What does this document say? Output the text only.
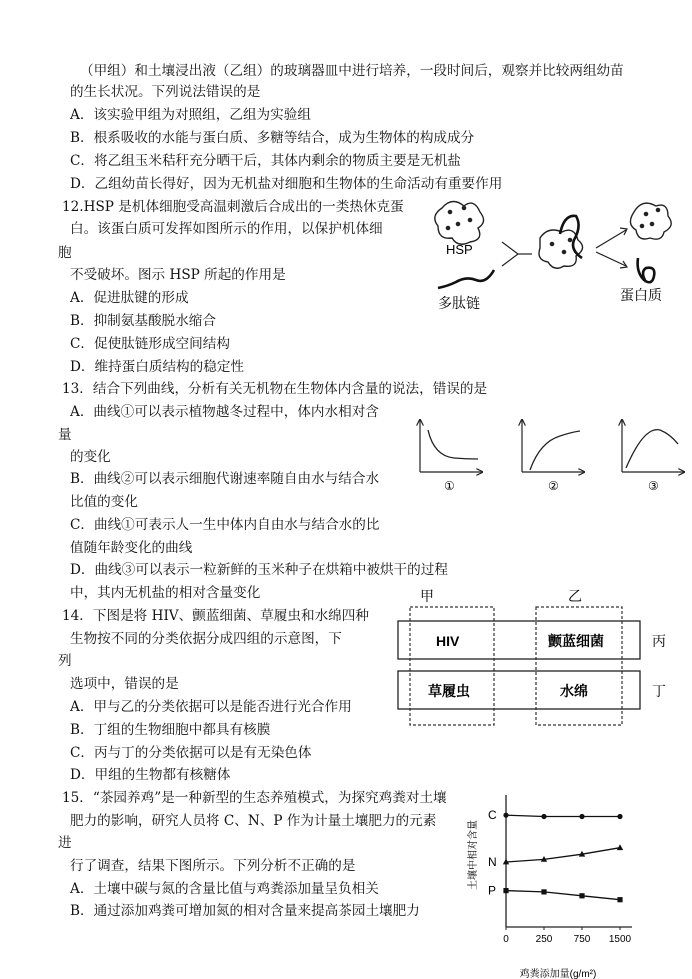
（甲组）和土壤浸出液（乙组）的玻璃器皿中进行培养，一段时间后，观察并比较两组幼苗
的生长状况。下列说法错误的是
A．该实验甲组为对照组，乙组为实验组
B．根系吸收的水能与蛋白质、多糖等结合，成为生物体的构成成分
C．将乙组玉米秸秆充分晒干后，其体内剩余的物质主要是无机盐
D．乙组幼苗长得好，因为无机盐对细胞和生物体的生命活动有重要作用
12.HSP 是机体细胞受高温刺激后合成出的一类热休克蛋
白。该蛋白质可发挥如图所示的作用，以保护机体细
胞
不受破坏。图示 HSP 所起的作用是
A．促进肽键的形成
B．抑制氨基酸脱水缩合
C．促使肽链形成空间结构
D．维持蛋白质结构的稳定性
13．结合下列曲线，分析有关无机物在生物体内含量的说法，错误的是
A．曲线①可以表示植物越冬过程中，体内水相对含
量
的变化
B．曲线②可以表示细胞代谢速率随自由水与结合水
比值的变化
C．曲线①可表示人一生中体内自由水与结合水的比
值随年龄变化的曲线
D．曲线③可以表示一粒新鲜的玉米种子在烘箱中被烘干的过程
中，其内无机盐的相对含量变化
14．下图是将 HIV、颤蓝细菌、草履虫和水绵四种
生物按不同的分类依据分成四组的示意图，下
列
选项中，错误的是
A．甲与乙的分类依据可以是能否进行光合作用
B．丁组的生物细胞中都具有核膜
C．丙与丁的分类依据可以是有无染色体
D．甲组的生物都有核糖体
15．“茶园养鸡”是一种新型的生态养殖模式，为探究鸡粪对土壤
肥力的影响，研究人员将 C、N、P 作为计量土壤肥力的元素
进
行了调查，结果下图所示。下列分析不正确的是
A．土壤中碳与氮的含量比值与鸡粪添加量呈负相关
B．通过添加鸡粪可增加氮的相对含量来提高茶园土壤肥力
HSP
多肽链	蛋白质
①	②	③
甲	乙
HIV	颤蓝细菌
草履虫	水绵
丙
丁
土壤中相对含量
0	250 750 1500
C
N
P
鸡粪添加量(g/m²)
